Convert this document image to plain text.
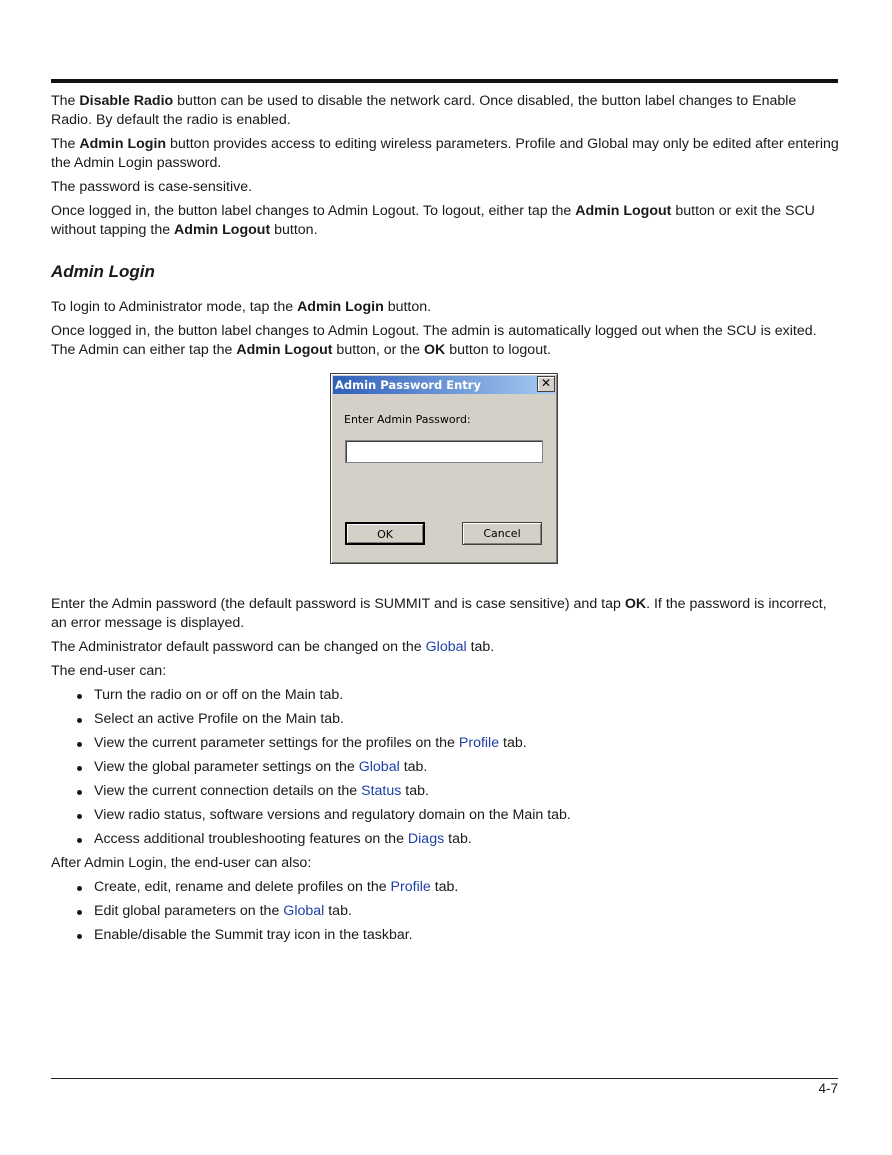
The Disable Radio button can be used to disable the network card. Once disabled, the button label changes to Enable Radio. By default the radio is enabled.

The Admin Login button provides access to editing wireless parameters. Profile and Global may only be edited after entering the Admin Login password.

The password is case-sensitive.

Once logged in, the button label changes to Admin Logout. To logout, either tap the Admin Logout button or exit the SCU without tapping the Admin Logout button.

Admin Login

To login to Administrator mode, tap the Admin Login button.

Once logged in, the button label changes to Admin Logout. The admin is automatically logged out when the SCU is exited. The Admin can either tap the Admin Logout button, or the OK button to logout.

Admin Password Entry	✕
Enter Admin Password:
OK	Cancel

Enter the Admin password (the default password is SUMMIT and is case sensitive) and tap OK. If the password is incorrect, an error message is displayed.

The Administrator default password can be changed on the Global tab.

The end-user can:

Turn the radio on or off on the Main tab.
Select an active Profile on the Main tab.
View the current parameter settings for the profiles on the Profile tab.
View the global parameter settings on the Global tab.
View the current connection details on the Status tab.
View radio status, software versions and regulatory domain on the Main tab.
Access additional troubleshooting features on the Diags tab.

After Admin Login, the end-user can also:

Create, edit, rename and delete profiles on the Profile tab.
Edit global parameters on the Global tab.
Enable/disable the Summit tray icon in the taskbar.
4-7
